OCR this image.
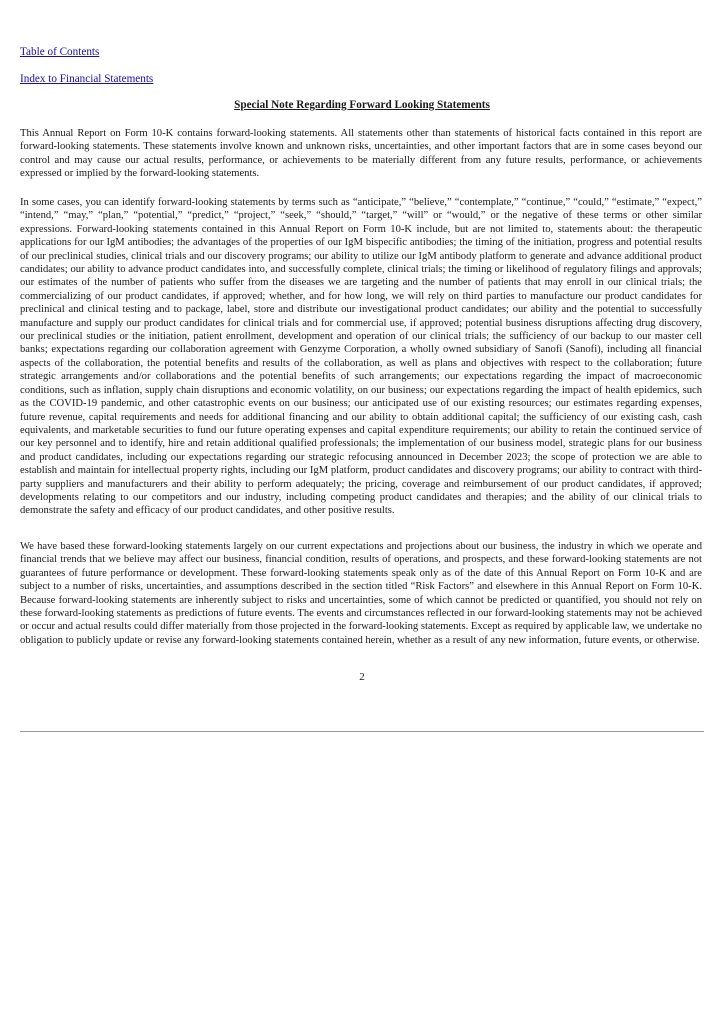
Table of Contents
Index to Financial Statements
Special Note Regarding Forward Looking Statements

This Annual Report on Form 10-K contains forward-looking statements. All statements other than statements of historical facts contained in this report are forward-looking statements. These statements involve known and unknown risks, uncertainties, and other important factors that are in some cases beyond our control and may cause our actual results, performance, or achievements to be materially different from any future results, performance, or achievements expressed or implied by the forward-looking statements.

In some cases, you can identify forward-looking statements by terms such as “anticipate,” “believe,” “contemplate,” “continue,” “could,” “estimate,” “expect,” “intend,” “may,” “plan,” “potential,” “predict,” “project,” “seek,” “should,” “target,” “will” or “would,” or the negative of these terms or other similar expressions. Forward-looking statements contained in this Annual Report on Form 10-K include, but are not limited to, statements about: the therapeutic applications for our IgM antibodies; the advantages of the properties of our IgM bispecific antibodies; the timing of the initiation, progress and potential results of our preclinical studies, clinical trials and our discovery programs; our ability to utilize our IgM antibody platform to generate and advance additional product candidates; our ability to advance product candidates into, and successfully complete, clinical trials; the timing or likelihood of regulatory filings and approvals; our estimates of the number of patients who suffer from the diseases we are targeting and the number of patients that may enroll in our clinical trials; the commercializing of our product candidates, if approved; whether, and for how long, we will rely on third parties to manufacture our product candidates for preclinical and clinical testing and to package, label, store and distribute our investigational product candidates; our ability and the potential to successfully manufacture and supply our product candidates for clinical trials and for commercial use, if approved; potential business disruptions affecting drug discovery, our preclinical studies or the initiation, patient enrollment, development and operation of our clinical trials; the sufficiency of our backup to our master cell banks; expectations regarding our collaboration agreement with Genzyme Corporation, a wholly owned subsidiary of Sanofi (Sanofi), including all financial aspects of the collaboration, the potential benefits and results of the collaboration, as well as plans and objectives with respect to the collaboration; future strategic arrangements and/or collaborations and the potential benefits of such arrangements; our expectations regarding the impact of macroeconomic conditions, such as inflation, supply chain disruptions and economic volatility, on our business; our expectations regarding the impact of health epidemics, such as the COVID-19 pandemic, and other catastrophic events on our business; our anticipated use of our existing resources; our estimates regarding expenses, future revenue, capital requirements and needs for additional financing and our ability to obtain additional capital; the sufficiency of our existing cash, cash equivalents, and marketable securities to fund our future operating expenses and capital expenditure requirements; our ability to retain the continued service of our key personnel and to identify, hire and retain additional qualified professionals; the implementation of our business model, strategic plans for our business and product candidates, including our expectations regarding our strategic refocusing announced in December 2023; the scope of protection we are able to establish and maintain for intellectual property rights, including our IgM platform, product candidates and discovery programs; our ability to contract with third-party suppliers and manufacturers and their ability to perform adequately; the pricing, coverage and reimbursement of our product candidates, if approved; developments relating to our competitors and our industry, including competing product candidates and therapies; and the ability of our clinical trials to demonstrate the safety and efficacy of our product candidates, and other positive results.

We have based these forward-looking statements largely on our current expectations and projections about our business, the industry in which we operate and financial trends that we believe may affect our business, financial condition, results of operations, and prospects, and these forward-looking statements are not guarantees of future performance or development. These forward-looking statements speak only as of the date of this Annual Report on Form 10-K and are subject to a number of risks, uncertainties, and assumptions described in the section titled “Risk Factors” and elsewhere in this Annual Report on Form 10-K. Because forward-looking statements are inherently subject to risks and uncertainties, some of which cannot be predicted or quantified, you should not rely on these forward-looking statements as predictions of future events. The events and circumstances reflected in our forward-looking statements may not be achieved or occur and actual results could differ materially from those projected in the forward-looking statements. Except as required by applicable law, we undertake no obligation to publicly update or revise any forward-looking statements contained herein, whether as a result of any new information, future events, or otherwise.

2
